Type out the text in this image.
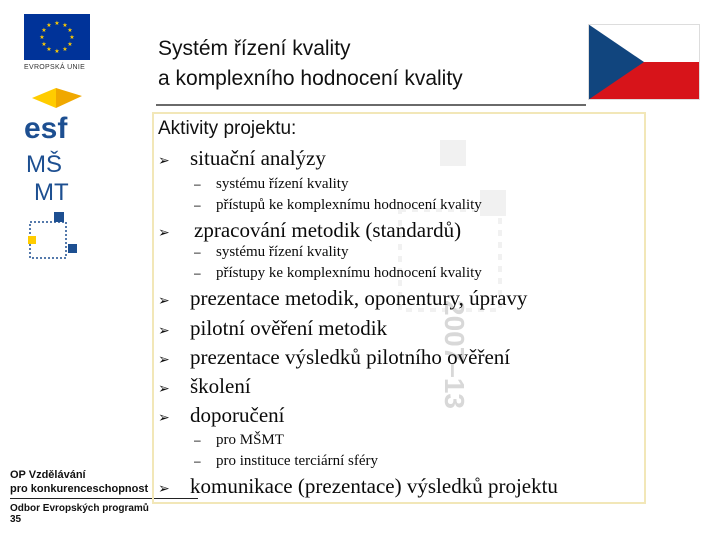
★ ★
★
★
★
★
★
★
★
★
★
★
EVROPSKÁ UNIE
esf
MŠ
MT
OP Vzdělávání
pro konkurenceschopnost
Odbor Evropských programů 35
Systém řízení kvality
a komplexního hodnocení kvality
2007–13
Aktivity projektu:
➢ situační analýzy
–	systému řízení kvality
–	přístupů ke komplexnímu hodnocení kvality
➢	zpracování metodik (standardů)
–	systému řízení kvality
–	přístupy ke komplexnímu hodnocení kvality
➢ prezentace metodik, oponentury, úpravy
➢ pilotní ověření metodik
➢ prezentace výsledků pilotního ověření
➢ školení
➢ doporučení
–	pro MŠMT
–	pro instituce terciární sféry
➢ komunikace (prezentace) výsledků projektu
